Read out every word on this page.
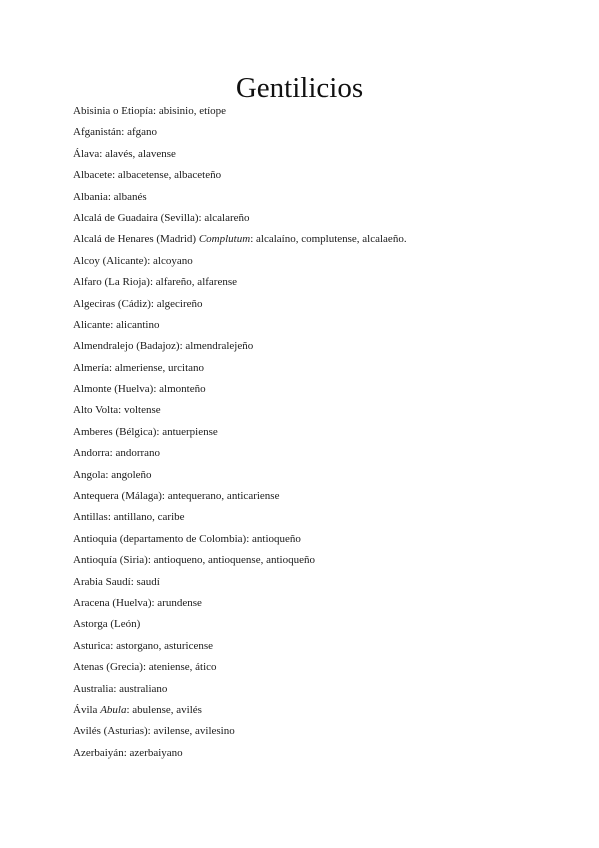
Gentilicios
Abisinia o Etiopía: abisinio, etíope
Afganistán: afgano
Álava: alavés, alavense
Albacete: albacetense, albaceteño
Albania: albanés
Alcalá de Guadaira (Sevilla): alcalareño
Alcalá de Henares (Madrid) Complutum: alcalaíno, complutense, alcalaeño.
Alcoy (Alicante): alcoyano
Alfaro (La Rioja): alfareño, alfarense
Algeciras (Cádiz): algecireño
Alicante: alicantino
Almendralejo (Badajoz): almendralejeño
Almería: almeriense, urcitano
Almonte (Huelva): almonteño
Alto Volta: voltense
Amberes (Bélgica): antuerpiense
Andorra: andorrano
Angola: angoleño
Antequera (Málaga): antequerano, anticariense
Antillas: antillano, caribe
Antioquia (departamento de Colombia): antioqueño
Antioquía (Siria): antioqueno, antioquense, antioqueño
Arabia Saudí: saudí
Aracena (Huelva): arundense
Astorga (León)
Asturica: astorgano, asturicense
Atenas (Grecia): ateniense, ático
Australia: australiano
Ávila Abula: abulense, avilés
Avilés (Asturias): avilense, avilesino
Azerbaiyán: azerbaiyano
